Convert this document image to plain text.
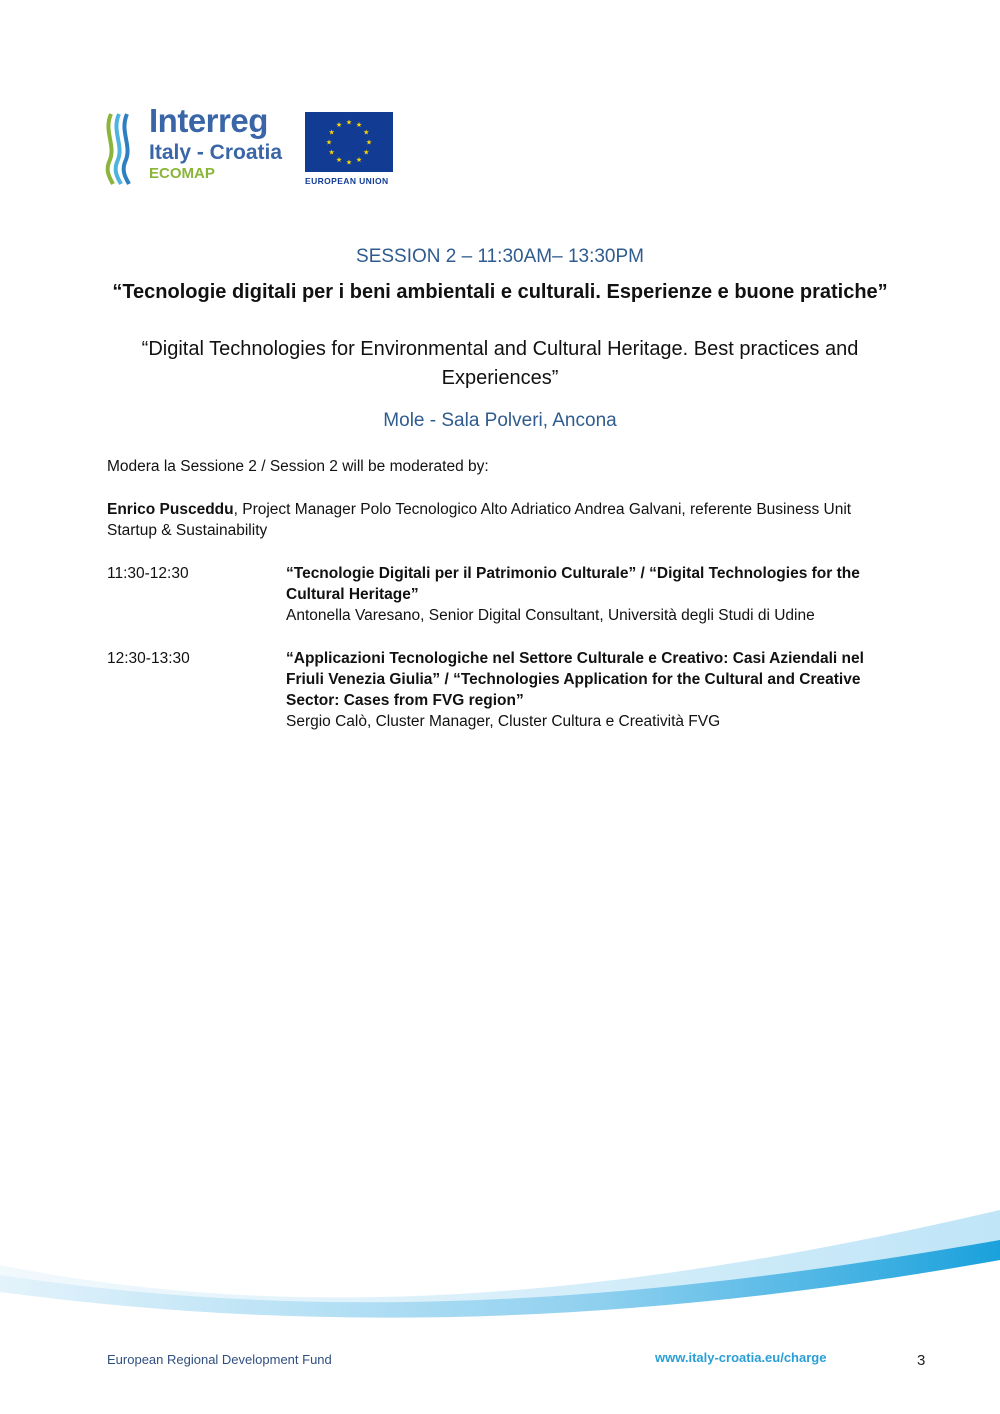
Interreg
Italy - Croatia
ECOMAP
★ ★
★
★
★
★
★
★
★
★
★
★
EUROPEAN UNION
SESSION 2 – 11:30AM– 13:30PM
“Tecnologie digitali per i beni ambientali e culturali. Esperienze e buone pratiche”
“Digital Technologies for Environmental and Cultural Heritage. Best practices and Experiences”
Mole - Sala Polveri, Ancona
Modera la Sessione 2 / Session 2 will be moderated by:
Enrico Pusceddu, Project Manager Polo Tecnologico Alto Adriatico Andrea Galvani, referente Business Unit Startup & Sustainability
11:30-12:30	“Tecnologie Digitali per il Patrimonio Culturale” / “Digital Technologies for the Cultural Heritage”
Antonella Varesano, Senior Digital Consultant, Università degli Studi di Udine
12:30-13:30	“Applicazioni Tecnologiche nel Settore Culturale e Creativo: Casi Aziendali nel Friuli Venezia Giulia” / “Technologies Application for the Cultural and Creative Sector: Cases from FVG region”
Sergio Calò, Cluster Manager, Cluster Cultura e Creatività FVG
European Regional Development Fund	www.italy-croatia.eu/charge	3
